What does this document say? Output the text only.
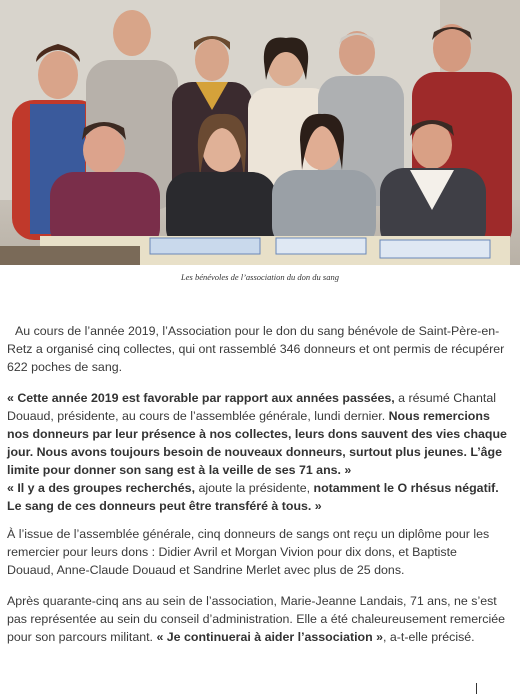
Les bénévoles de l’association du don du sang

Au cours de l’année 2019, l’Association pour le don du sang bénévole de Saint-Père-en-Retz a organisé cinq collectes, qui ont rassemblé 346 donneurs et ont permis de récupérer 622 poches de sang.

« Cette année 2019 est favorable par rapport aux années passées, a résumé Chantal Douaud, présidente, au cours de l’assemblée générale, lundi dernier. Nous remercions nos donneurs par leur présence à nos collectes, leurs dons sauvent des vies chaque jour. Nous avons toujours besoin de nouveaux donneurs, surtout plus jeunes. L’âge limite pour donner son sang est à la veille de ses 71 ans. »
« Il y a des groupes recherchés, ajoute la présidente, notamment le O rhésus négatif. Le sang de ces donneurs peut être transféré à tous. »

À l’issue de l’assemblée générale, cinq donneurs de sangs ont reçu un diplôme pour les remercier pour leurs dons : Didier Avril et Morgan Vivion pour dix dons, et Baptiste Douaud, Anne-Claude Douaud et Sandrine Merlet avec plus de 25 dons.

Après quarante-cinq ans au sein de l’association, Marie-Jeanne Landais, 71 ans, ne s’est pas représentée au sein du conseil d’administration. Elle a été chaleureusement remerciée pour son parcours militant. « Je continuerai à aider l’association », a-t-elle précisé.
